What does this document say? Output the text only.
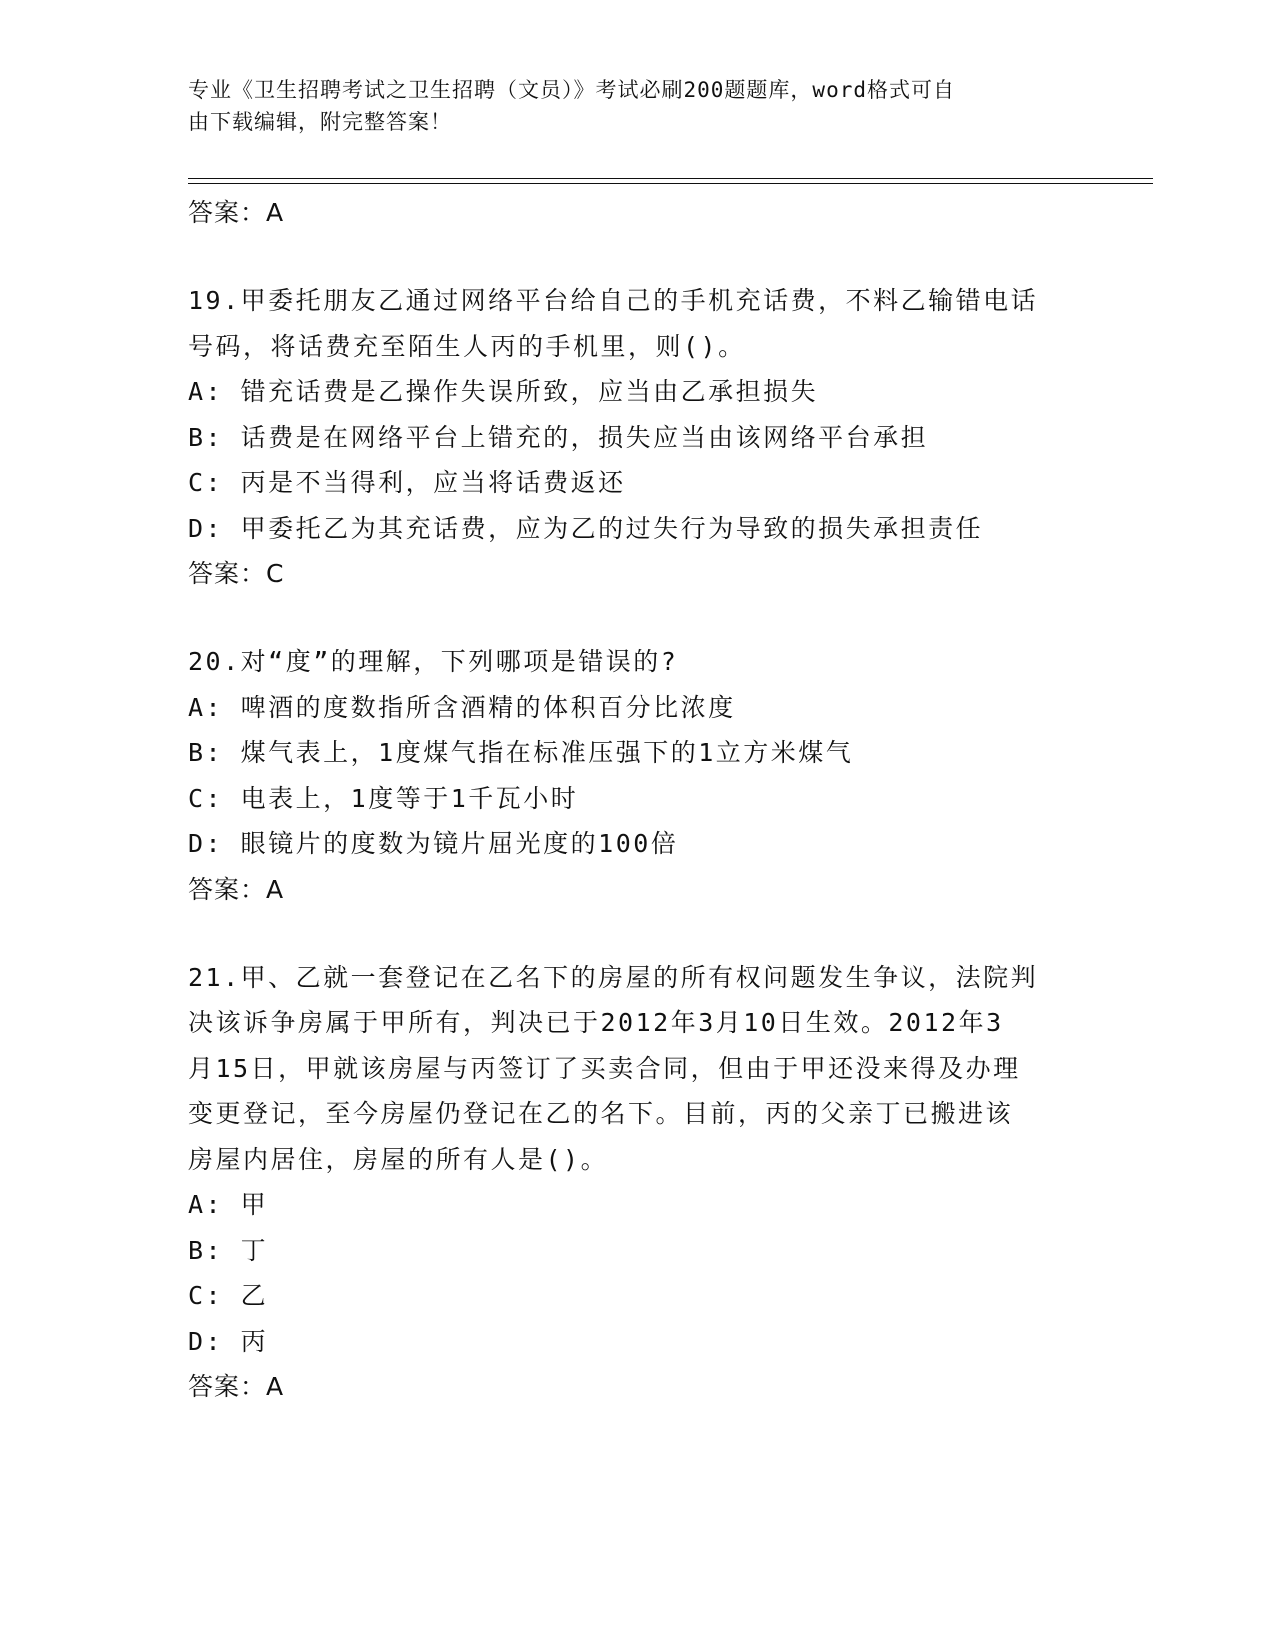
专业《卫生招聘考试之卫生招聘（文员）》考试必刷200题题库，word格式可自
由下载编辑，附完整答案！
答案：A
19.甲委托朋友乙通过网络平台给自己的手机充话费，不料乙输错电话
号码，将话费充至陌生人丙的手机里，则()。
A: 错充话费是乙操作失误所致，应当由乙承担损失
B: 话费是在网络平台上错充的，损失应当由该网络平台承担
C: 丙是不当得利，应当将话费返还
D: 甲委托乙为其充话费，应为乙的过失行为导致的损失承担责任
答案：C
20.对“度”的理解，下列哪项是错误的?
A: 啤酒的度数指所含酒精的体积百分比浓度
B: 煤气表上，1度煤气指在标准压强下的1立方米煤气
C: 电表上，1度等于1千瓦小时
D: 眼镜片的度数为镜片屈光度的100倍
答案：A
21.甲、乙就一套登记在乙名下的房屋的所有权问题发生争议，法院判
决该诉争房属于甲所有，判决已于2012年3月10日生效。2012年3
月15日，甲就该房屋与丙签订了买卖合同，但由于甲还没来得及办理
变更登记，至今房屋仍登记在乙的名下。目前，丙的父亲丁已搬进该
房屋内居住，房屋的所有人是()。
A: 甲
B: 丁
C: 乙
D: 丙
答案：A
